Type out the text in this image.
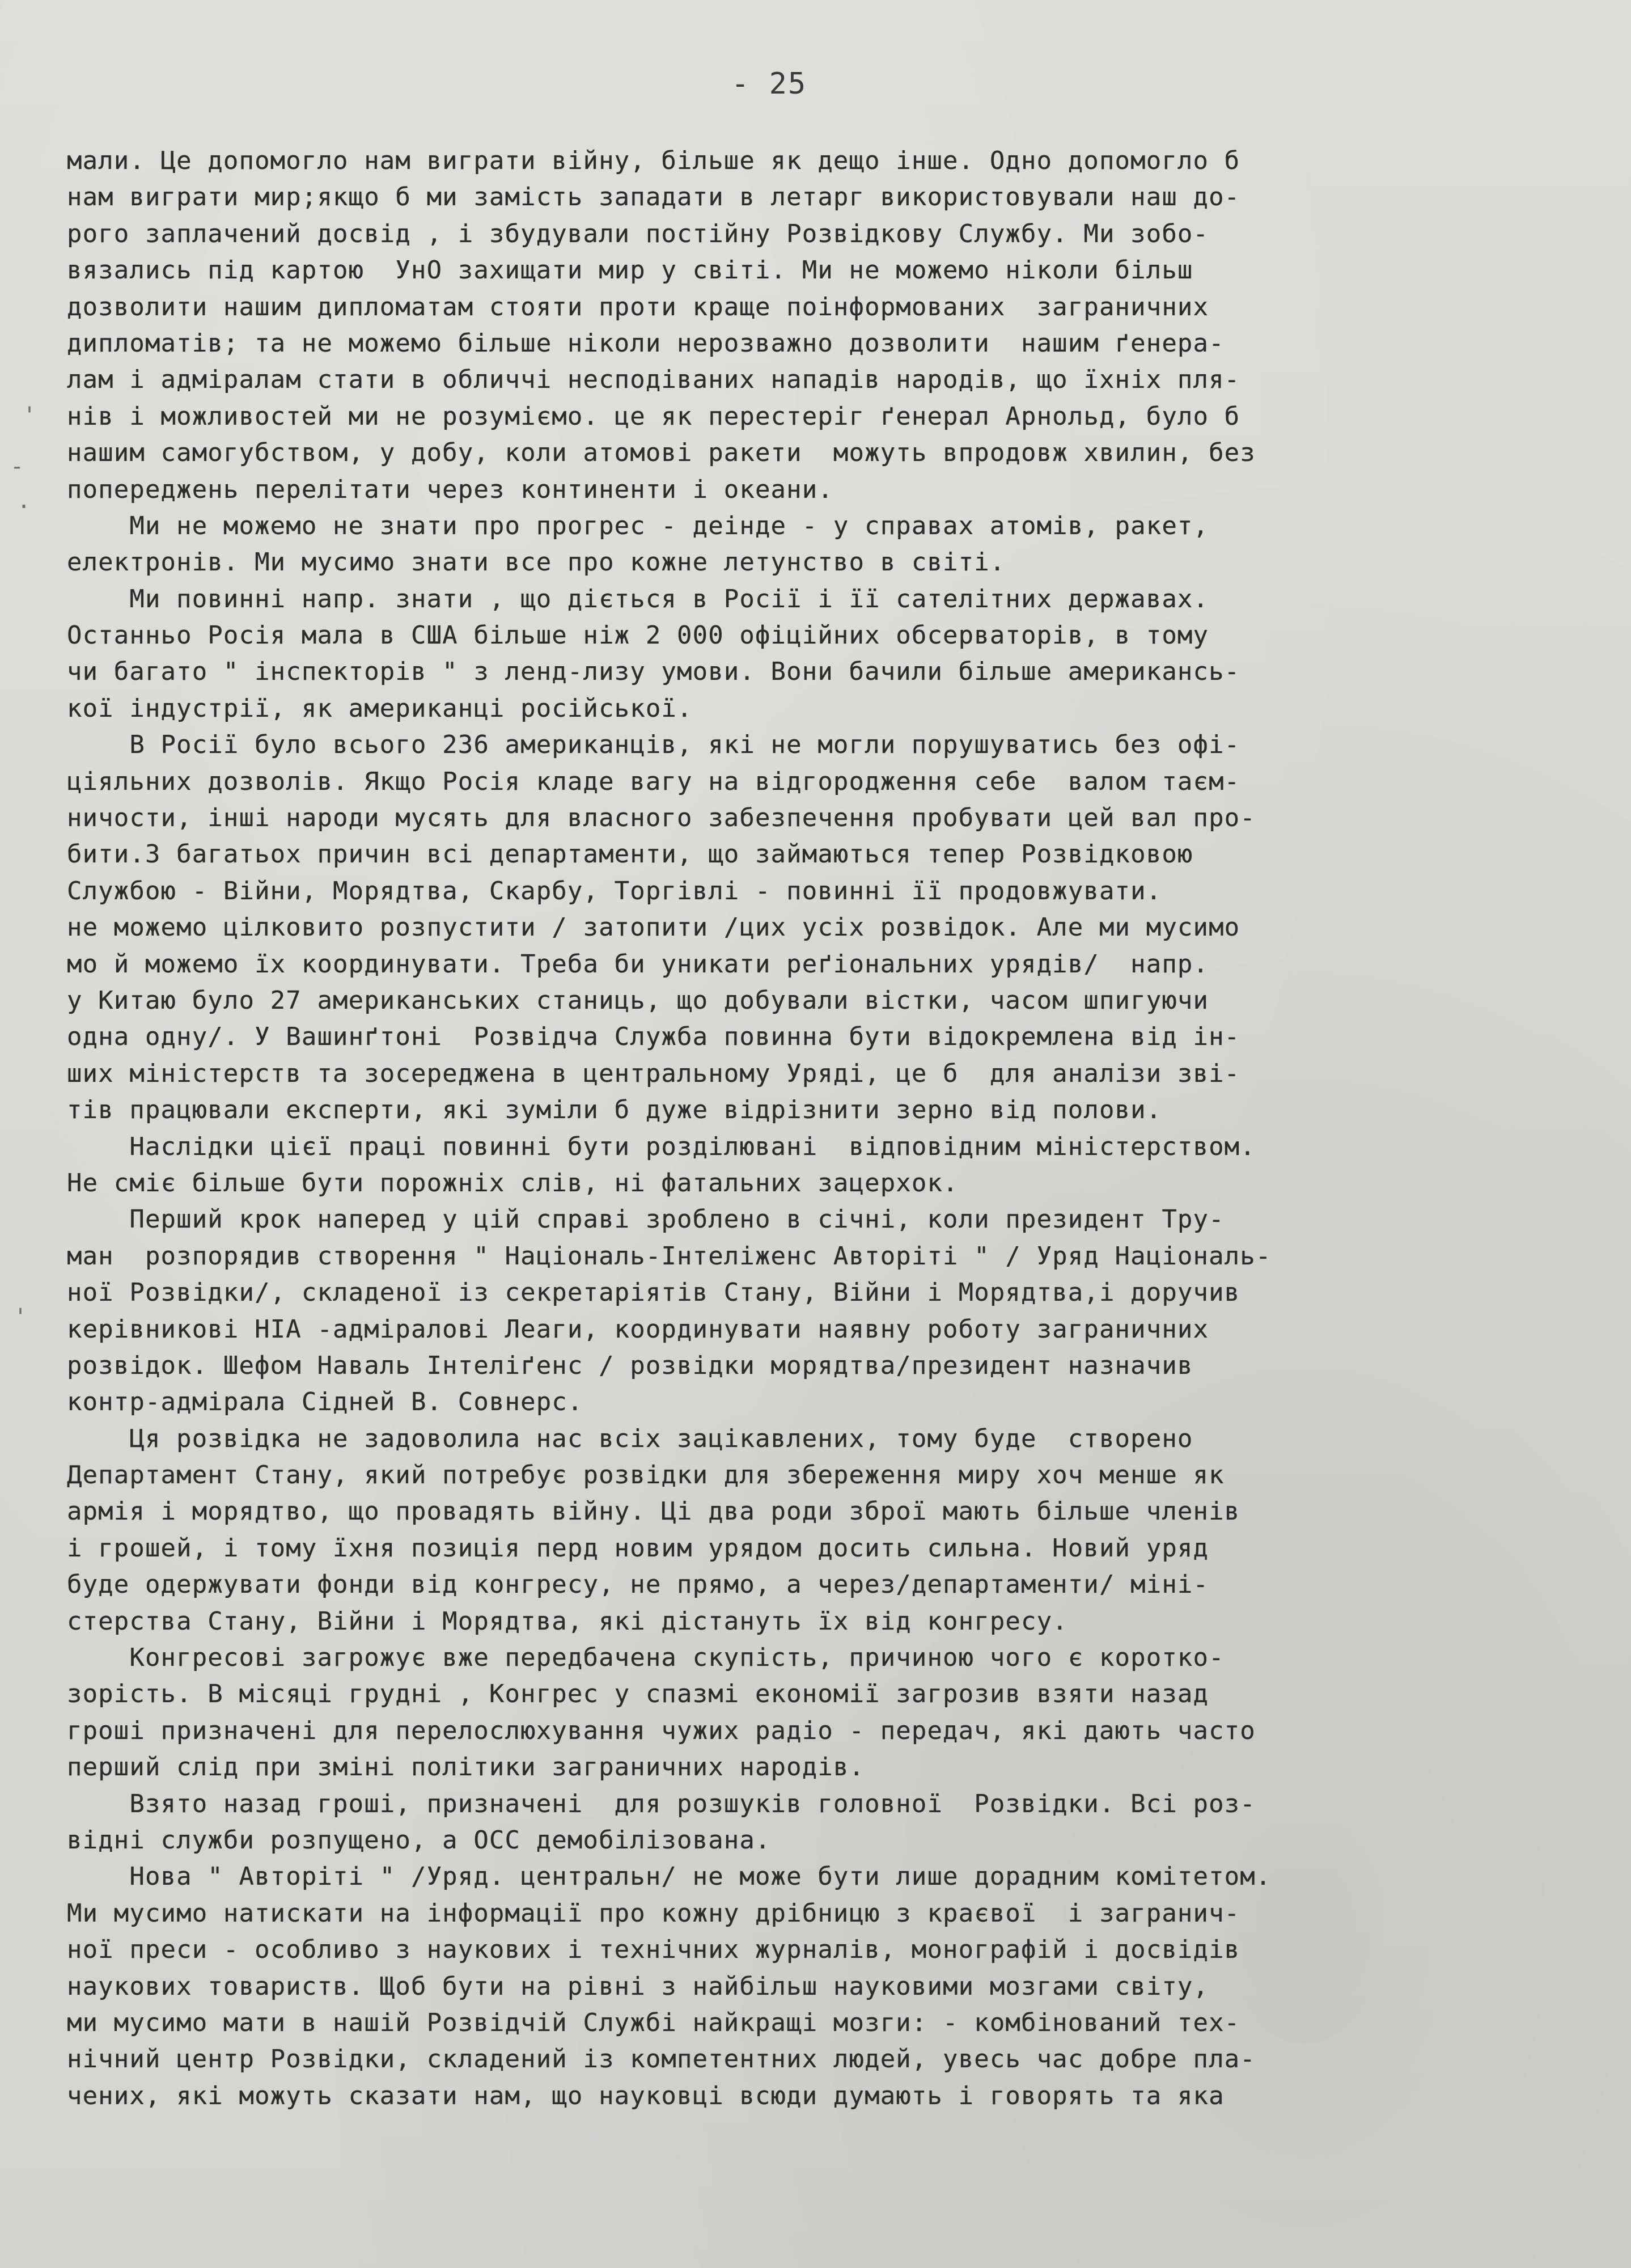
- 25
'
-
.
'
мали. Це допомогло нам виграти війну, більше як дещо інше. Одно допомогло б
нам виграти мир;якщо б ми замість западати в летарг використовували наш до-
рого заплачений досвід , і збудували постійну Розвідкову Службу. Ми зобо-
вязались під картою  УнО захищати мир у світі. Ми не можемо ніколи більш
дозволити нашим дипломатам стояти проти краще поінформованих  заграничних
дипломатів; та не можемо більше ніколи нерозважно дозволити  нашим ґенера-
лам і адміралам стати в обличчі несподіваних нападів народів, що їхніх пля-
нів і можливостей ми не розуміємо. це як перестеріг ґенерал Арнольд, було б
нашим самогубством, у добу, коли атомові ракети  можуть впродовж хвилин, без
попереджень перелітати через континенти і океани.
Ми не можемо не знати про прогрес - деінде - у справах атомів, ракет,
електронів. Ми мусимо знати все про кожне летунство в світі.
Ми повинні напр. знати , що діється в Росії і її сателітних державах.
Останньо Росія мала в США більше ніж 2 000 офіційних обсерваторів, в тому
чи багато " інспекторів " з ленд-лизу умови. Вони бачили більше американсь-
кої індустрії, як американці російської.
В Росії було всього 236 американців, які не могли порушуватись без офі-
ціяльних дозволів. Якщо Росія кладе вагу на відгородження себе  валом таєм-
ничости, інші народи мусять для власного забезпечення пробувати цей вал про-
бити.З багатьох причин всі департаменти, що займаються тепер Розвідковою
Службою - Війни, Морядтва, Скарбу, Торгівлі - повинні її продовжувати.
не можемо цілковито розпустити / затопити /цих усіх розвідок. Але ми мусимо
мо й можемо їх координувати. Треба би уникати реґіональних урядів/  напр.
у Китаю було 27 американських станиць, що добували вістки, часом шпигуючи
одна одну/. У Вашинґтоні  Розвідча Служба повинна бути відокремлена від ін-
ших міністерств та зосереджена в центральному Уряді, це б  для аналізи зві-
тів працювали експерти, які зуміли б дуже відрізнити зерно від полови.
Наслідки цієї праці повинні бути розділювані  відповідним міністерством.
Не сміє більше бути порожніх слів, ні фатальних зацерхок.
Перший крок наперед у цій справі зроблено в січні, коли президент Тру-
ман  розпорядив створення " Національ-Інтеліженс Авторіті " / Уряд Національ-
ної Розвідки/, складеної із секретаріятів Стану, Війни і Морядтва,і доручив
керівникові НІА -адміралові Леаги, координувати наявну роботу заграничних
розвідок. Шефом Наваль Інтеліґенс / розвідки морядтва/президент назначив
контр-адмірала Сідней В. Совнерс.
Ця розвідка не задоволила нас всіх зацікавлених, тому буде  створено
Департамент Стану, який потребує розвідки для збереження миру хоч менше як
армія і морядтво, що провадять війну. Ці два роди зброї мають більше членів
і грошей, і тому їхня позиція перд новим урядом досить сильна. Новий уряд
буде одержувати фонди від конгресу, не прямо, а через/департаменти/ міні-
стерства Стану, Війни і Морядтва, які дістануть їх від конгресу.
Конгресові загрожує вже передбачена скупість, причиною чого є коротко-
зорість. В місяці грудні , Конгрес у спазмі економії загрозив взяти назад
гроші призначені для перелослюхування чужих радіо - передач, які дають часто
перший слід при зміні політики заграничних народів.
Взято назад гроші, призначені  для розшуків головної  Розвідки. Всі роз-
відні служби розпущено, а ОСС демобілізована.
Нова " Авторіті " /Уряд. центральн/ не може бути лише дорадним комітетом.
Ми мусимо натискати на інформації про кожну дрібницю з краєвої  і загранич-
ної преси - особливо з наукових і технічних журналів, монографій і досвідів
наукових товариств. Щоб бути на рівні з найбільш науковими мозгами світу,
ми мусимо мати в нашій Розвідчій Службі найкращі мозги: - комбінований тех-
нічний центр Розвідки, складений із компетентних людей, увесь час добре пла-
чених, які можуть сказати нам, що науковці всюди думають і говорять та яка
